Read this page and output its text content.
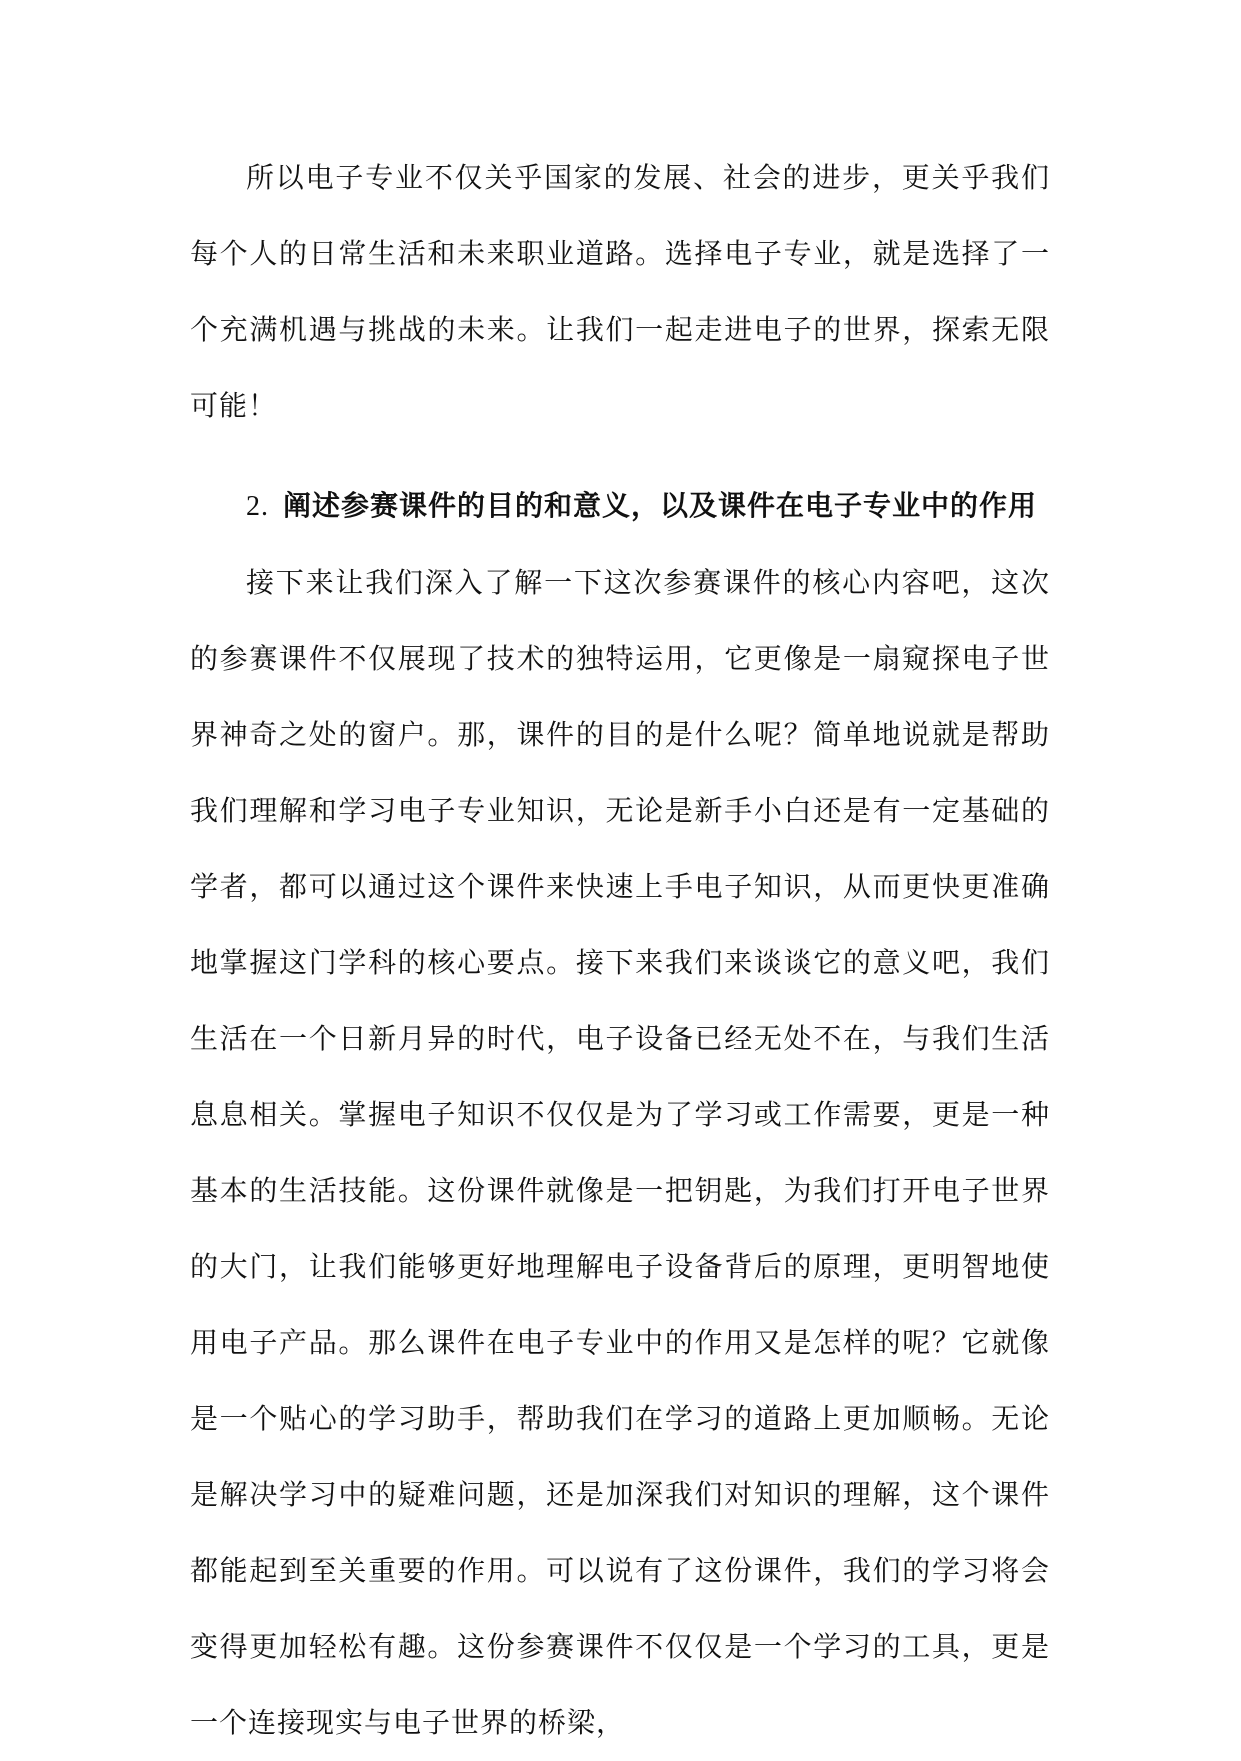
所以电子专业不仅关乎国家的发展、社会的进步，更关乎我们每个人的日常生活和未来职业道路。选择电子专业，就是选择了一个充满机遇与挑战的未来。让我们一起走进电子的世界，探索无限可能！

2. 阐述参赛课件的目的和意义，以及课件在电子专业中的作用

接下来让我们深入了解一下这次参赛课件的核心内容吧，这次的参赛课件不仅展现了技术的独特运用，它更像是一扇窥探电子世界神奇之处的窗户。那，课件的目的是什么呢？简单地说就是帮助我们理解和学习电子专业知识，无论是新手小白还是有一定基础的学者，都可以通过这个课件来快速上手电子知识，从而更快更准确地掌握这门学科的核心要点。接下来我们来谈谈它的意义吧，我们生活在一个日新月异的时代，电子设备已经无处不在，与我们生活息息相关。掌握电子知识不仅仅是为了学习或工作需要，更是一种基本的生活技能。这份课件就像是一把钥匙，为我们打开电子世界的大门，让我们能够更好地理解电子设备背后的原理，更明智地使用电子产品。那么课件在电子专业中的作用又是怎样的呢？它就像是一个贴心的学习助手，帮助我们在学习的道路上更加顺畅。无论是解决学习中的疑难问题，还是加深我们对知识的理解，这个课件都能起到至关重要的作用。可以说有了这份课件，我们的学习将会变得更加轻松有趣。这份参赛课件不仅仅是一个学习的工具，更是一个连接现实与电子世界的桥梁，
